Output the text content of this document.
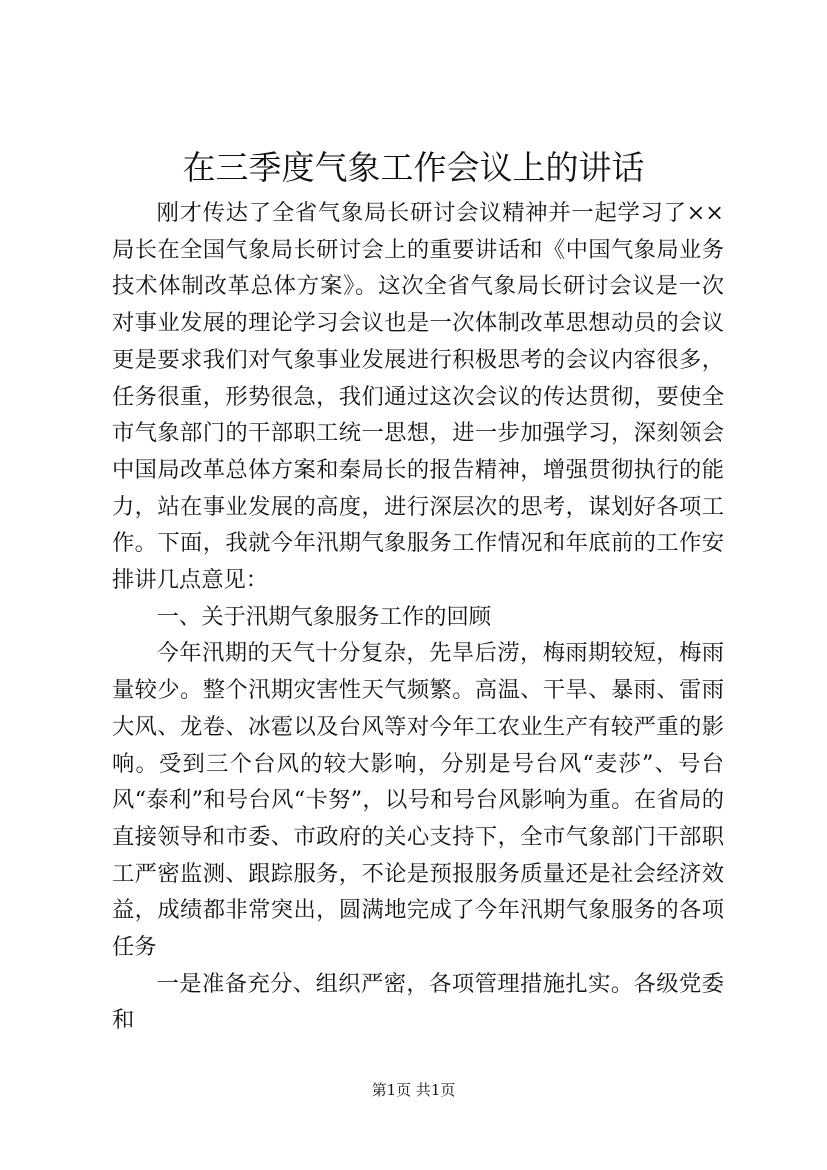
在三季度气象工作会议上的讲话

刚才传达了全省气象局长研讨会议精神并一起学习了××局长在全国气象局长研讨会上的重要讲话和《中国气象局业务技术体制改革总体方案》。这次全省气象局长研讨会议是一次对事业发展的理论学习会议也是一次体制改革思想动员的会议更是要求我们对气象事业发展进行积极思考的会议内容很多，任务很重，形势很急，我们通过这次会议的传达贯彻，要使全市气象部门的干部职工统一思想，进一步加强学习，深刻领会中国局改革总体方案和秦局长的报告精神，增强贯彻执行的能力，站在事业发展的高度，进行深层次的思考，谋划好各项工作。下面，我就今年汛期气象服务工作情况和年底前的工作安排讲几点意见：

一、关于汛期气象服务工作的回顾

今年汛期的天气十分复杂，先旱后涝，梅雨期较短，梅雨量较少。整个汛期灾害性天气频繁。高温、干旱、暴雨、雷雨大风、龙卷、冰雹以及台风等对今年工农业生产有较严重的影响。受到三个台风的较大影响，分别是号台风“麦莎”、号台风“泰利”和号台风“卡努”，以号和号台风影响为重。在省局的直接领导和市委、市政府的关心支持下，全市气象部门干部职工严密监测、跟踪服务，不论是预报服务质量还是社会经济效益，成绩都非常突出，圆满地完成了今年汛期气象服务的各项任务

一是准备充分、组织严密，各项管理措施扎实。各级党委和

第1页 共1页
